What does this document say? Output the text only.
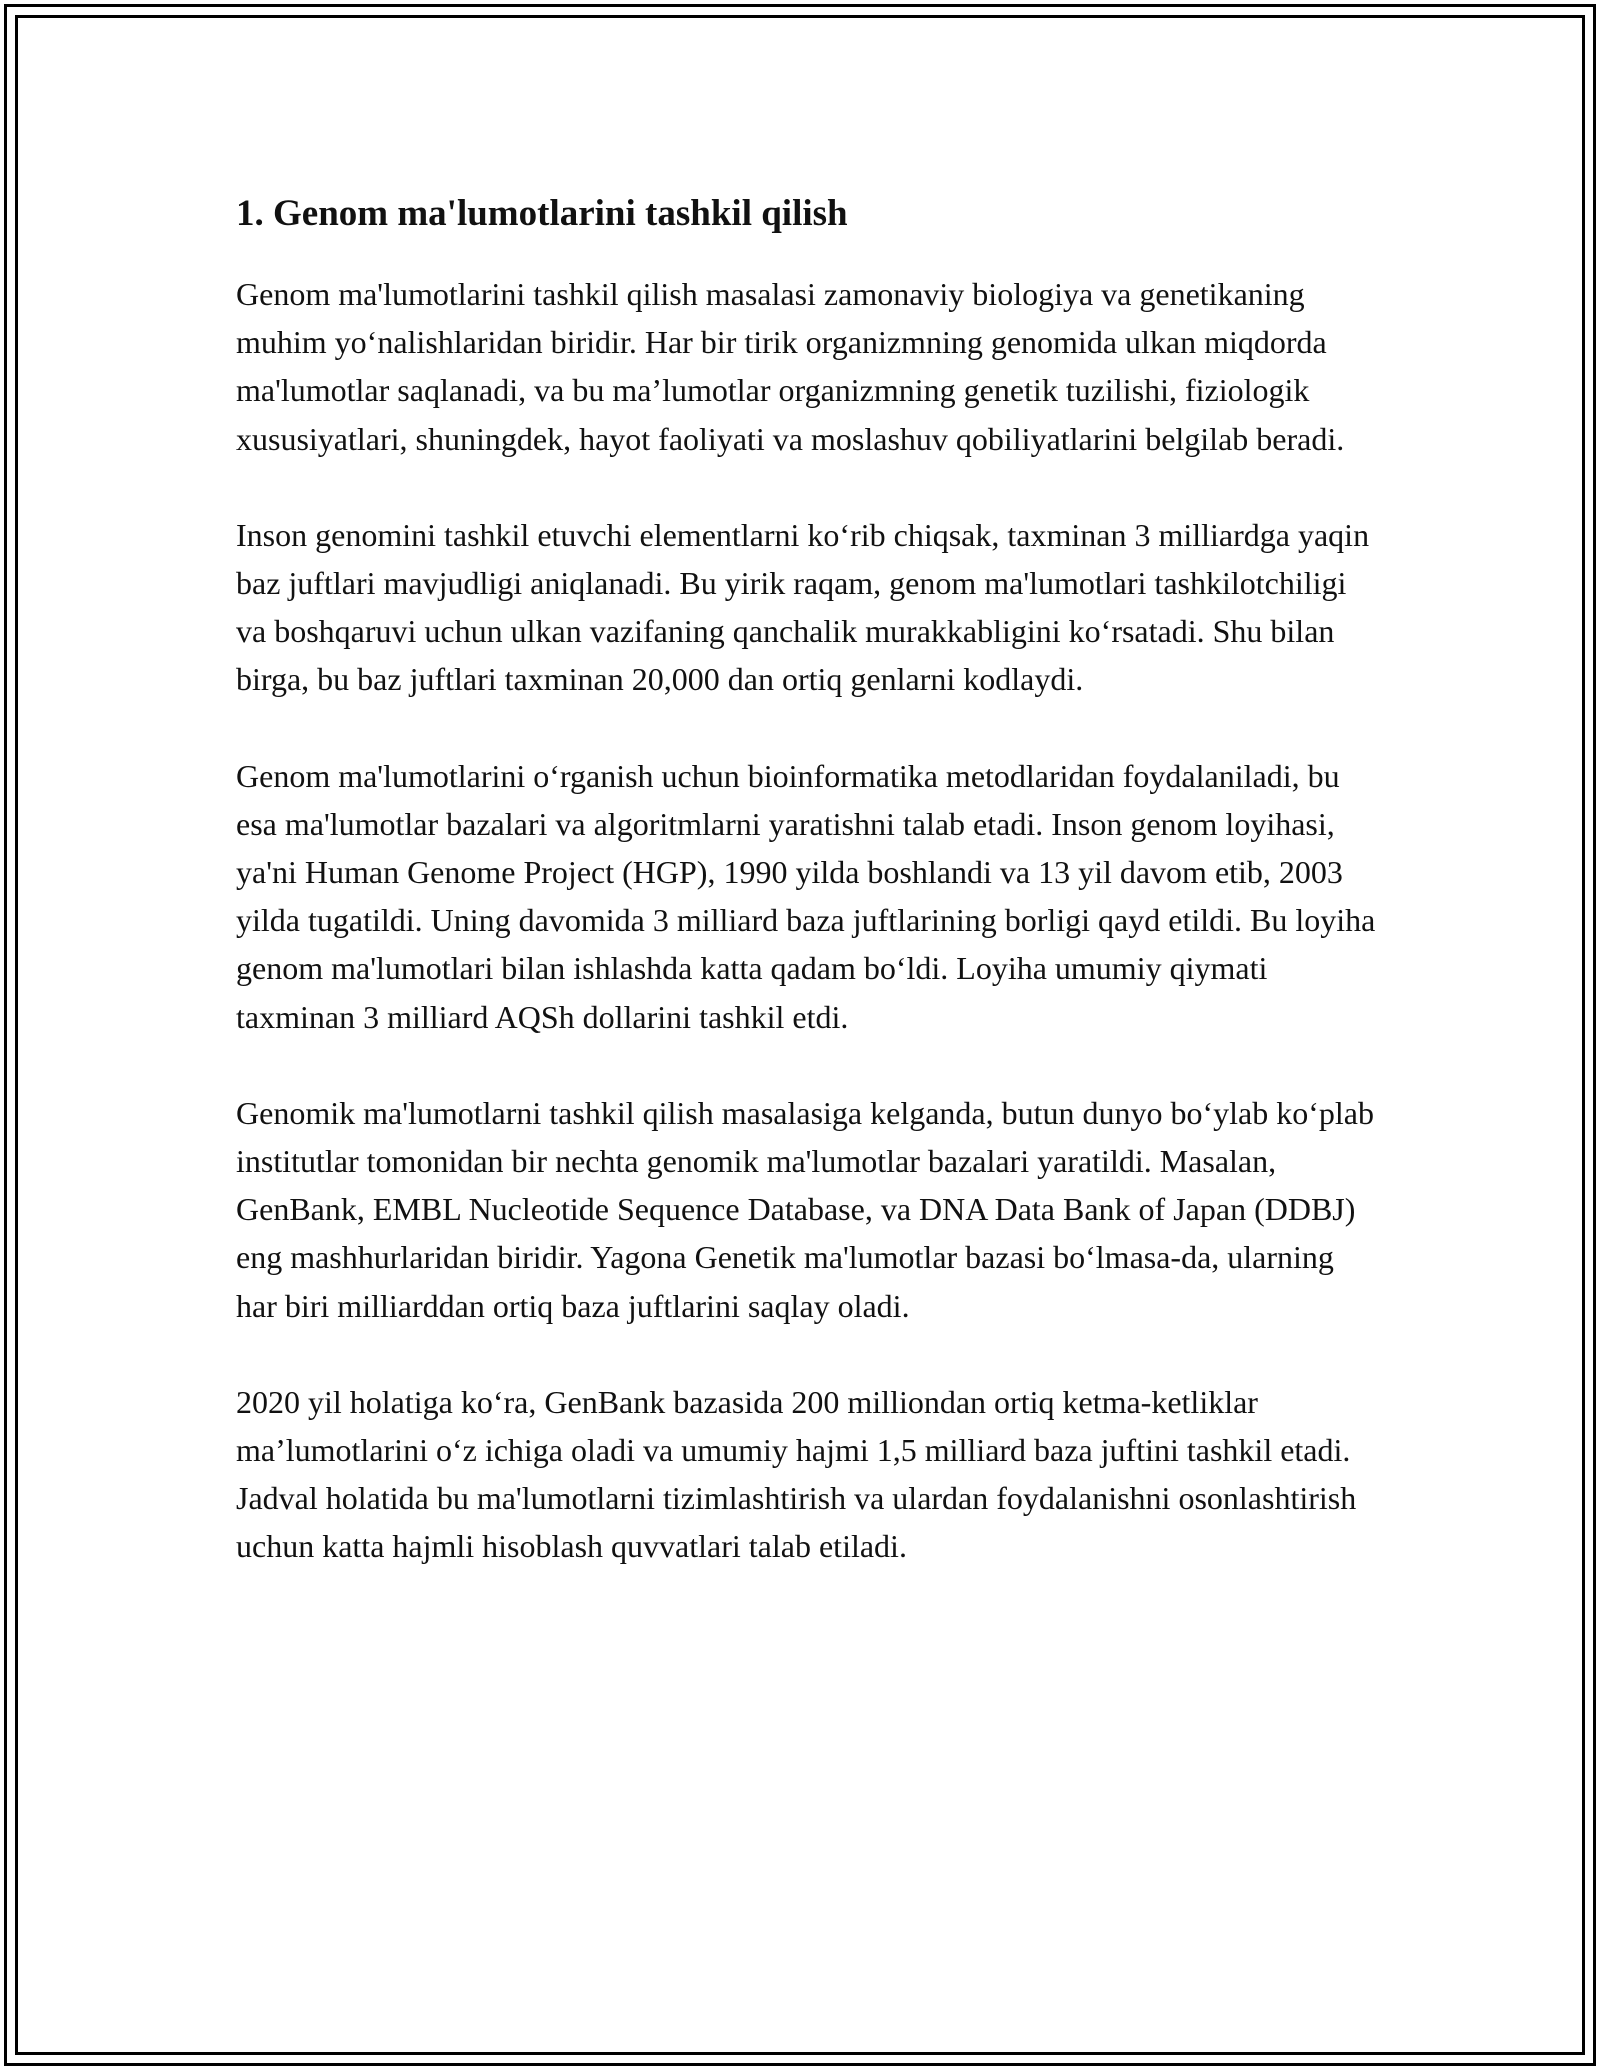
1. Genom ma'lumotlarini tashkil qilish

Genom ma'lumotlarini tashkil qilish masalasi zamonaviy biologiya va genetikaning muhim yo‘nalishlaridan biridir. Har bir tirik organizmning genomida ulkan miqdorda ma'lumotlar saqlanadi, va bu ma’lumotlar organizmning genetik tuzilishi, fiziologik xususiyatlari, shuningdek, hayot faoliyati va moslashuv qobiliyatlarini belgilab beradi.

Inson genomini tashkil etuvchi elementlarni ko‘rib chiqsak, taxminan 3 milliardga yaqin baz juftlari mavjudligi aniqlanadi. Bu yirik raqam, genom ma'lumotlari tashkilotchiligi va boshqaruvi uchun ulkan vazifaning qanchalik murakkabligini ko‘rsatadi. Shu bilan birga, bu baz juftlari taxminan 20,000 dan ortiq genlarni kodlaydi.

Genom ma'lumotlarini o‘rganish uchun bioinformatika metodlaridan foydalaniladi, bu esa ma'lumotlar bazalari va algoritmlarni yaratishni talab etadi. Inson genom loyihasi, ya'ni Human Genome Project (HGP), 1990 yilda boshlandi va 13 yil davom etib, 2003 yilda tugatildi. Uning davomida 3 milliard baza juftlarining borligi qayd etildi. Bu loyiha genom ma'lumotlari bilan ishlashda katta qadam bo‘ldi. Loyiha umumiy qiymati taxminan 3 milliard AQSh dollarini tashkil etdi.

Genomik ma'lumotlarni tashkil qilish masalasiga kelganda, butun dunyo bo‘ylab ko‘plab institutlar tomonidan bir nechta genomik ma'lumotlar bazalari yaratildi. Masalan, GenBank, EMBL Nucleotide Sequence Database, va DNA Data Bank of Japan (DDBJ) eng mashhurlaridan biridir. Yagona Genetik ma'lumotlar bazasi bo‘lmasa-da, ularning har biri milliarddan ortiq baza juftlarini saqlay oladi.

2020 yil holatiga ko‘ra, GenBank bazasida 200 milliondan ortiq ketma-ketliklar ma’lumotlarini o‘z ichiga oladi va umumiy hajmi 1,5 milliard baza juftini tashkil etadi. Jadval holatida bu ma'lumotlarni tizimlashtirish va ulardan foydalanishni osonlashtirish uchun katta hajmli hisoblash quvvatlari talab etiladi.
